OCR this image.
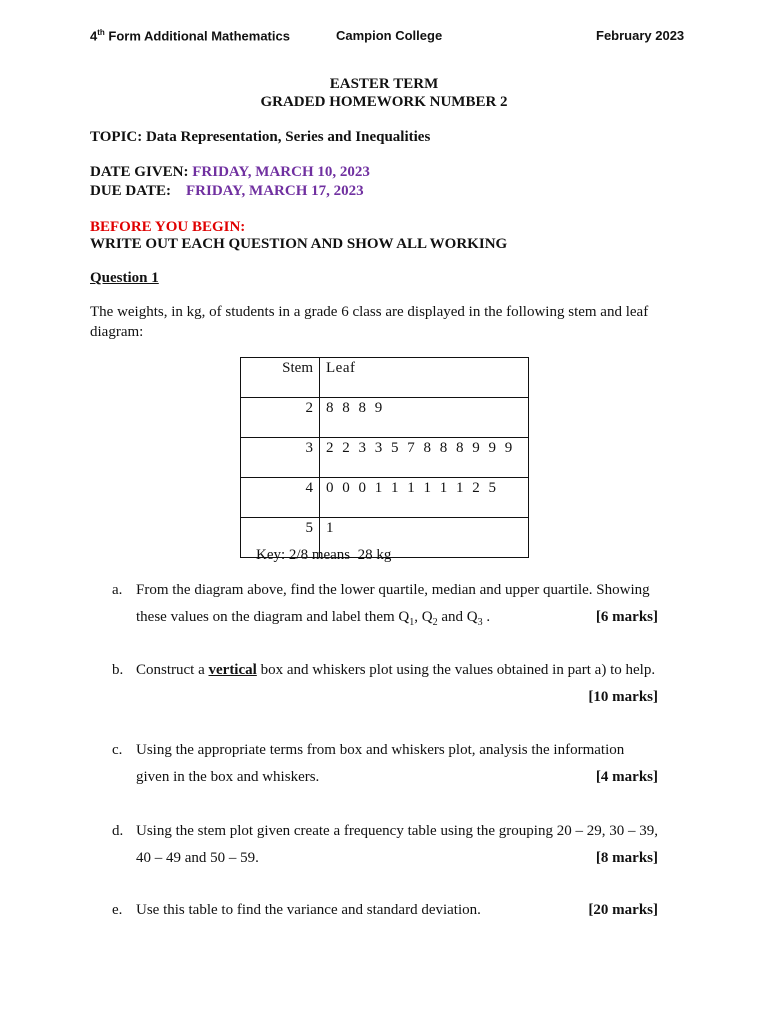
4th Form Additional Mathematics	Campion College	February 2023
EASTER TERM
GRADED HOMEWORK NUMBER 2
TOPIC: Data Representation, Series and Inequalities
DATE GIVEN: FRIDAY, MARCH 10, 2023
DUE DATE:    FRIDAY, MARCH 17, 2023
BEFORE YOU BEGIN:
WRITE OUT EACH QUESTION AND SHOW ALL WORKING
Question 1
The weights, in kg, of students in a grade 6 class are displayed in the following stem and leaf diagram:
Stem	Leaf
2	8 8 8 9
3	2 2 3 3 5 7 8 8 8 9 9 9
4	0 0 0 1 1 1 1 1 1 2 5
5	1
Key: 2/8 means  28 kg
a. From the diagram above, find the lower quartile, median and upper quartile. Showing these values on the diagram and label them $Q_1$, $Q_2$ and $Q_3$ .	[6 marks]
b. Construct a vertical box and whiskers plot using the values obtained in part a) to help.
[10 marks]
c. Using the appropriate terms from box and whiskers plot, analysis the information given in the box and whiskers.	[4 marks]
d. Using the stem plot given create a frequency table using the grouping 20 – 29, 30 – 39, 40 – 49 and 50 – 59.	[8 marks]
e. Use this table to find the variance and standard deviation.	[20 marks]
